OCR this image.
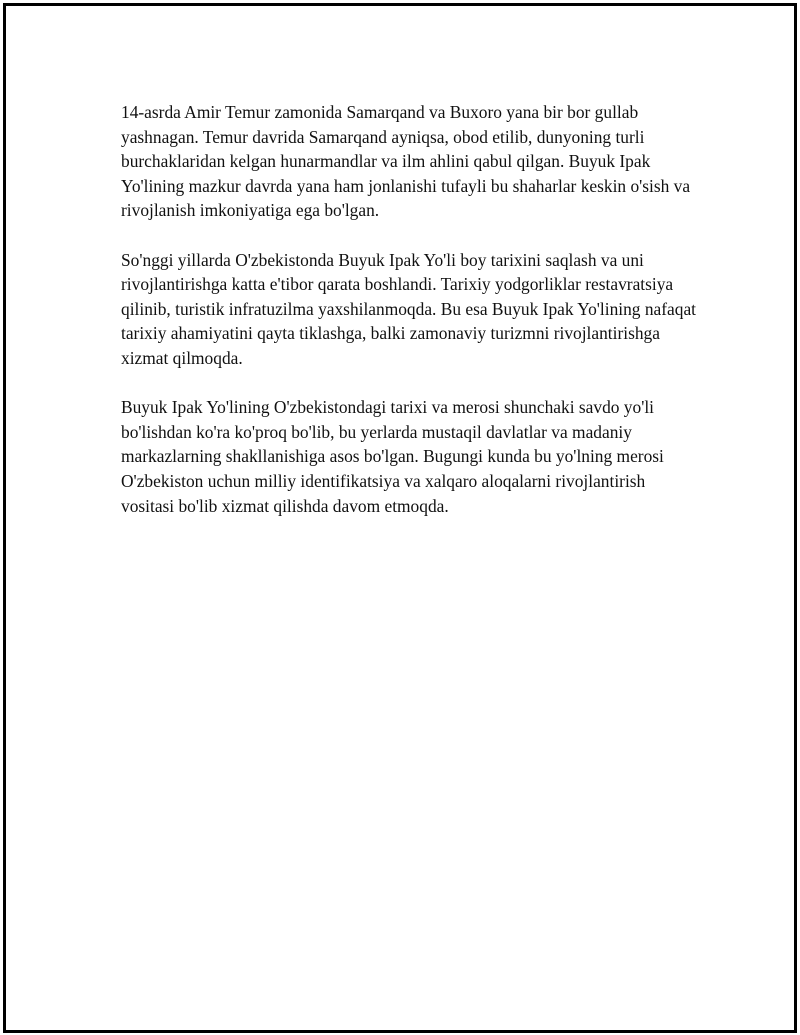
14-asrda Amir Temur zamonida Samarqand va Buxoro yana bir bor gullab yashnagan. Temur davrida Samarqand ayniqsa, obod etilib, dunyoning turli burchaklaridan kelgan hunarmandlar va ilm ahlini qabul qilgan. Buyuk Ipak Yo'lining mazkur davrda yana ham jonlanishi tufayli bu shaharlar keskin o'sish va rivojlanish imkoniyatiga ega bo'lgan.

So'nggi yillarda O'zbekistonda Buyuk Ipak Yo'li boy tarixini saqlash va uni rivojlantirishga katta e'tibor qarata boshlandi. Tarixiy yodgorliklar restavratsiya qilinib, turistik infratuzilma yaxshilanmoqda. Bu esa Buyuk Ipak Yo'lining nafaqat tarixiy ahamiyatini qayta tiklashga, balki zamonaviy turizmni rivojlantirishga xizmat qilmoqda.

Buyuk Ipak Yo'lining O'zbekistondagi tarixi va merosi shunchaki savdo yo'li bo'lishdan ko'ra ko'proq bo'lib, bu yerlarda mustaqil davlatlar va madaniy markazlarning shakllanishiga asos bo'lgan. Bugungi kunda bu yo'lning merosi O'zbekiston uchun milliy identifikatsiya va xalqaro aloqalarni rivojlantirish vositasi bo'lib xizmat qilishda davom etmoqda.
